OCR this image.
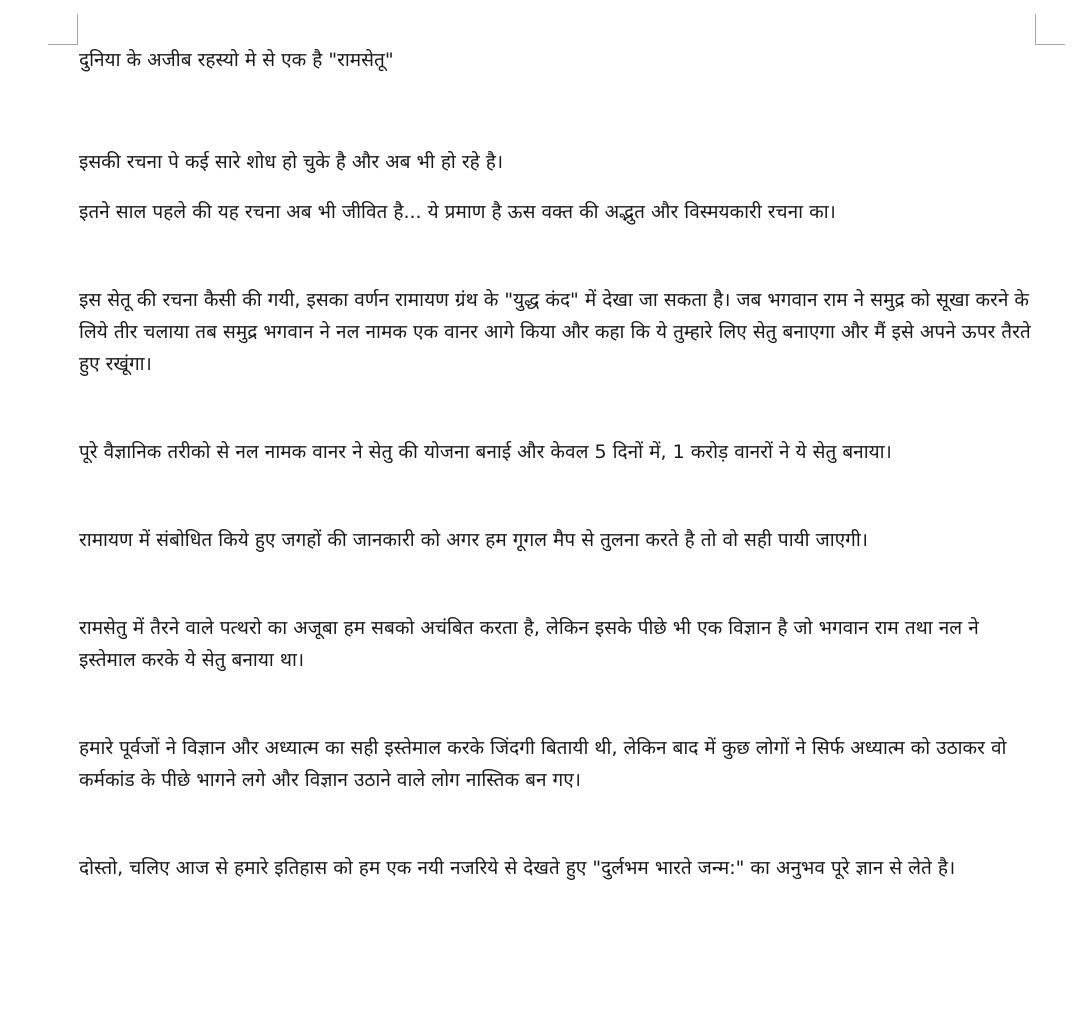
दुनिया के अजीब रहस्यो मे से एक है "रामसेतू"

इसकी रचना पे कई सारे शोध हो चुके है और अब भी हो रहे है।

इतने साल पहले की यह रचना अब भी जीवित है... ये प्रमाण है ऊस वक्त की अद्भुत और विस्मयकारी रचना का।

इस सेतू की रचना कैसी की गयी, इसका वर्णन रामायण ग्रंथ के "युद्ध कंद" में देखा जा सकता है। जब भगवान राम ने समुद्र को सूखा करने के लिये तीर चलाया तब समुद्र भगवान ने नल नामक एक वानर आगे किया और कहा कि ये तुम्हारे लिए सेतु बनाएगा और मैं इसे अपने ऊपर तैरते हुए रखूंगा।

पूरे वैज्ञानिक तरीको से नल नामक वानर ने सेतु की योजना बनाई और केवल 5 दिनों में, 1 करोड़ वानरों ने ये सेतु बनाया।

रामायण में संबोधित किये हुए जगहों की जानकारी को अगर हम गूगल मैप से तुलना करते है तो वो सही पायी जाएगी।

रामसेतु में तैरने वाले पत्थरो का अजूबा हम सबको अचंबित करता है, लेकिन इसके पीछे भी एक विज्ञान है जो भगवान राम तथा नल ने इस्तेमाल करके ये सेतु बनाया था।

हमारे पूर्वजों ने विज्ञान और अध्यात्म का सही इस्तेमाल करके जिंदगी बितायी थी, लेकिन बाद में कुछ लोगों ने सिर्फ अध्यात्म को उठाकर वो कर्मकांड के पीछे भागने लगे और विज्ञान उठाने वाले लोग नास्तिक बन गए।

दोस्तो, चलिए आज से हमारे इतिहास को हम एक नयी नजरिये से देखते हुए "दुर्लभम भारते जन्म:" का अनुभव पूरे ज्ञान से लेते है।
